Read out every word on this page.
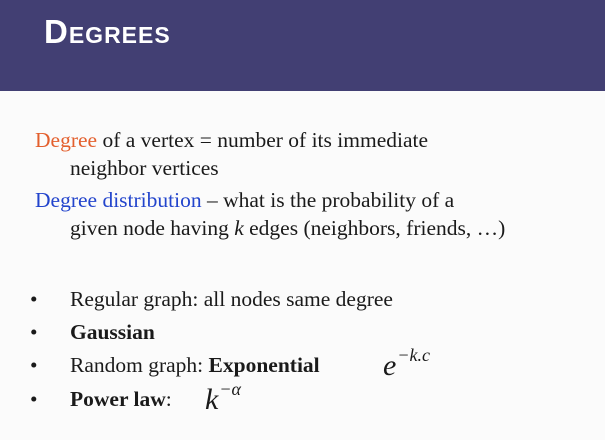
Degrees
Degree of a vertex = number of its immediate
neighbor vertices
Degree distribution – what is the probability of a
given node having k edges (neighbors, friends, …)
• Regular graph: all nodes same degree
• Gaussian
• Random graph: Exponential e−k.c
• Power law: k−α
